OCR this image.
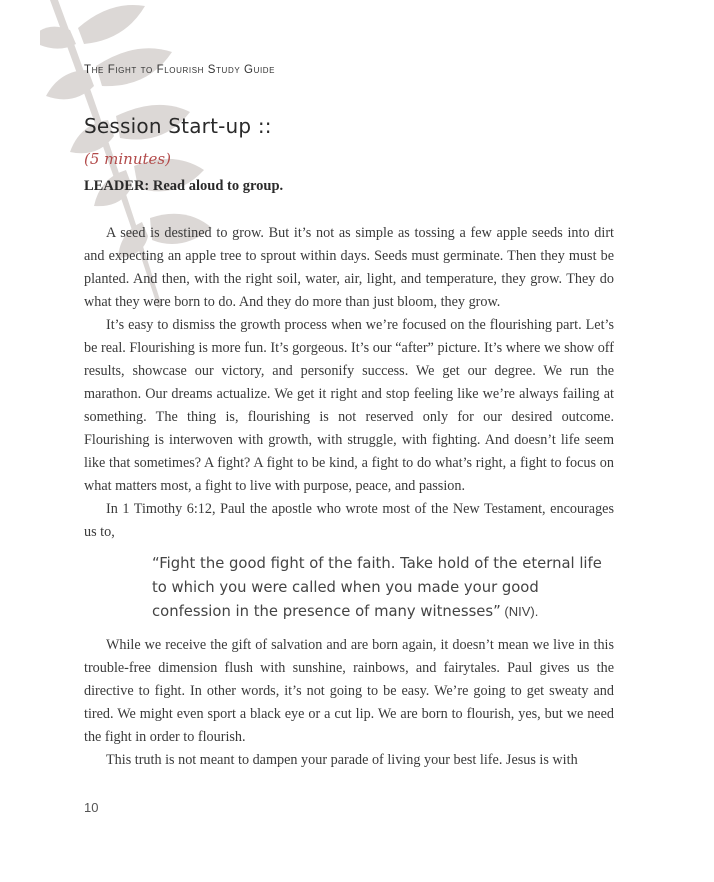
The Fight to Flourish Study Guide
Session Start-up ::
(5 minutes)
LEADER: Read aloud to group.

A seed is destined to grow. But it’s not as simple as tossing a few apple seeds into dirt and expecting an apple tree to sprout within days. Seeds must germinate. Then they must be planted. And then, with the right soil, water, air, light, and temperature, they grow. They do what they were born to do. And they do more than just bloom, they grow.

It’s easy to dismiss the growth process when we’re focused on the flourishing part. Let’s be real. Flourishing is more fun. It’s gorgeous. It’s our “after” picture. It’s where we show off results, showcase our victory, and personify success. We get our degree. We run the marathon. Our dreams actualize. We get it right and stop feeling like we’re always failing at something. The thing is, flourishing is not reserved only for our desired outcome. Flourishing is interwoven with growth, with struggle, with fighting. And doesn’t life seem like that sometimes? A fight? A fight to be kind, a fight to do what’s right, a fight to focus on what matters most, a fight to live with purpose, peace, and passion.

In 1 Timothy 6:12, Paul the apostle who wrote most of the New Testament, encourages us to,

“Fight the good fight of the faith. Take hold of the eternal life to which you were called when you made your good confession in the presence of many witnesses” (NIV).

While we receive the gift of salvation and are born again, it doesn’t mean we live in this trouble-free dimension flush with sunshine, rainbows, and fairytales. Paul gives us the directive to fight. In other words, it’s not going to be easy. We’re going to get sweaty and tired. We might even sport a black eye or a cut lip. We are born to flourish, yes, but we need the fight in order to flourish.

This truth is not meant to dampen your parade of living your best life. Jesus is with

10
